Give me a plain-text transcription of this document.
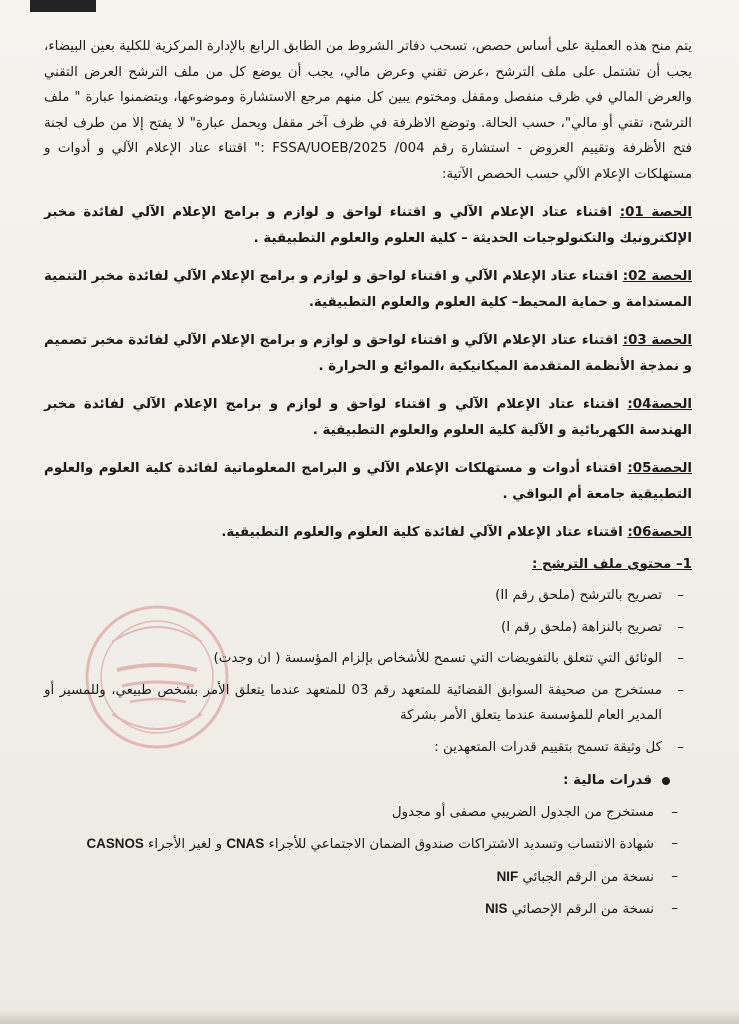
يتم منح هذه العملية على أساس حصص، تسحب دفاتر الشروط من الطابق الرابع بالإدارة المركزية للكلية بعين البيضاء، يجب أن تشتمل على ملف الترشح ،عرض تقني وعرض مالي، يجب أن يوضع كل من ملف الترشح العرض التقني والعرض المالي في ظرف منفصل ومقفل ومختوم يبين كل منهم مرجع الاستشارة وموضوعها، ويتضمنوا عبارة " ملف الترشح، تقني أو مالي"، حسب الحالة. وتوضع الاظرفة في ظرف آخر مقفل ويحمل عبارة" لا يفتح إلا من طرف لجنة فتح الأظرفة وتقييم العروض - استشارة رقم 004/ FSSA/UOEB/2025 :" اقتناء عتاد الإعلام الآلي و أدوات و مستهلكات الإعلام الآلي حسب الحصص الآتية:

الحصة 01: اقتناء عتاد الإعلام الآلي و اقتناء لواحق و لوازم و برامج الإعلام الآلي لفائدة مخبر الإلكترونيك والتكنولوجيات الحديثة – كلية العلوم والعلوم التطبيقية .

الحصة 02: اقتناء عتاد الإعلام الآلي و اقتناء لواحق و لوازم و برامج الإعلام الآلي لفائدة مخبر التنمية المستدامة و حماية المحيط– كلية العلوم والعلوم التطبيقية.

الحصة 03: اقتناء عتاد الإعلام الآلي و اقتناء لواحق و لوازم و برامج الإعلام الآلي لفائدة مخبر تصميم و نمذجة الأنظمة المتقدمة الميكانيكية ،الموائع و الحرارة .

الحصة04: اقتناء عتاد الإعلام الآلي و اقتناء لواحق و لوازم و برامج الإعلام الآلي لفائدة مخبر الهندسة الكهربائية و الآلية كلية العلوم والعلوم التطبيقية .

الحصة05: اقتناء أدوات و مستهلكات الإعلام الآلي و البرامج المعلوماتية لفائدة كلية العلوم والعلوم التطبيقية جامعة أم البواقي .

الحصة06: اقتناء عتاد الإعلام الآلي لفائدة كلية العلوم والعلوم التطبيقية.

1– محتوى ملف الترشح :

–
تصريح بالترشح (ملحق رقم II)

–
تصريح بالنزاهة (ملحق رقم I)

–
الوثائق التي تتعلق بالتفويضات التي تسمح للأشخاص بإلزام المؤسسة ( ان وجدت)

–
مستخرج من صحيفة السوابق القضائية للمتعهد رقم 03 للمتعهد عندما يتعلق الأمر بشخص طبيعي، وللمسير أو المدير العام للمؤسسة عندما يتعلق الأمر بشركة

–
كل وثيقة تسمح بتقييم قدرات المتعهدين :

قدرات مالية :

–
مستخرج من الجدول الضريبي مصفى أو مجدول

–
شهادة الانتساب وتسديد الاشتراكات صندوق الضمان الاجتماعي للأجراء CNAS و لغير الأجراء CASNOS

–
نسخة من الرقم الجبائي NIF

–
نسخة من الرقم الإحصائي NIS
